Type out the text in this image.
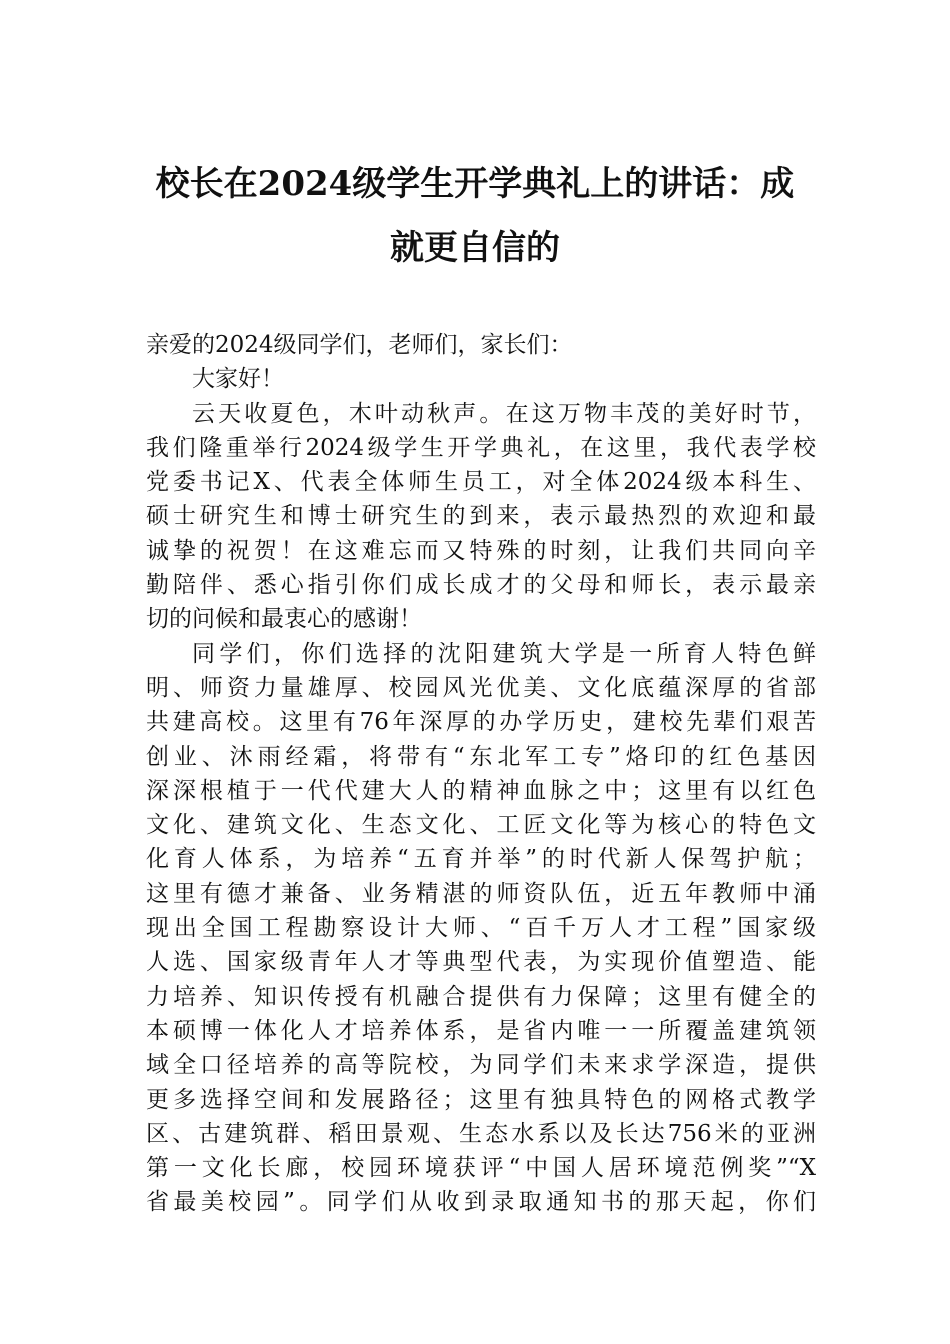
校长在2024级学生开学典礼上的讲话：成
就更自信的
亲爱的2024级同学们，老师们，家长们：
大家好！
云天收夏色，木叶动秋声。在这万物丰茂的美好时节，
我们隆重举行2024级学生开学典礼，在这里，我代表学校
党委书记X、代表全体师生员工，对全体2024级本科生、
硕士研究生和博士研究生的到来，表示最热烈的欢迎和最
诚挚的祝贺！在这难忘而又特殊的时刻，让我们共同向辛
勤陪伴、悉心指引你们成长成才的父母和师长，表示最亲
切的问候和最衷心的感谢！
同学们，你们选择的沈阳建筑大学是一所育人特色鲜
明、师资力量雄厚、校园风光优美、文化底蕴深厚的省部
共建高校。这里有76年深厚的办学历史，建校先辈们艰苦
创业、沐雨经霜，将带有“东北军工专”烙印的红色基因
深深根植于一代代建大人的精神血脉之中；这里有以红色
文化、建筑文化、生态文化、工匠文化等为核心的特色文
化育人体系，为培养“五育并举”的时代新人保驾护航；
这里有德才兼备、业务精湛的师资队伍，近五年教师中涌
现出全国工程勘察设计大师、“百千万人才工程”国家级
人选、国家级青年人才等典型代表，为实现价值塑造、能
力培养、知识传授有机融合提供有力保障；这里有健全的
本硕博一体化人才培养体系，是省内唯一一所覆盖建筑领
域全口径培养的高等院校，为同学们未来求学深造，提供
更多选择空间和发展路径；这里有独具特色的网格式教学
区、古建筑群、稻田景观、生态水系以及长达756米的亚洲
第一文化长廊，校园环境获评“中国人居环境范例奖”“X
省最美校园”。同学们从收到录取通知书的那天起，你们
